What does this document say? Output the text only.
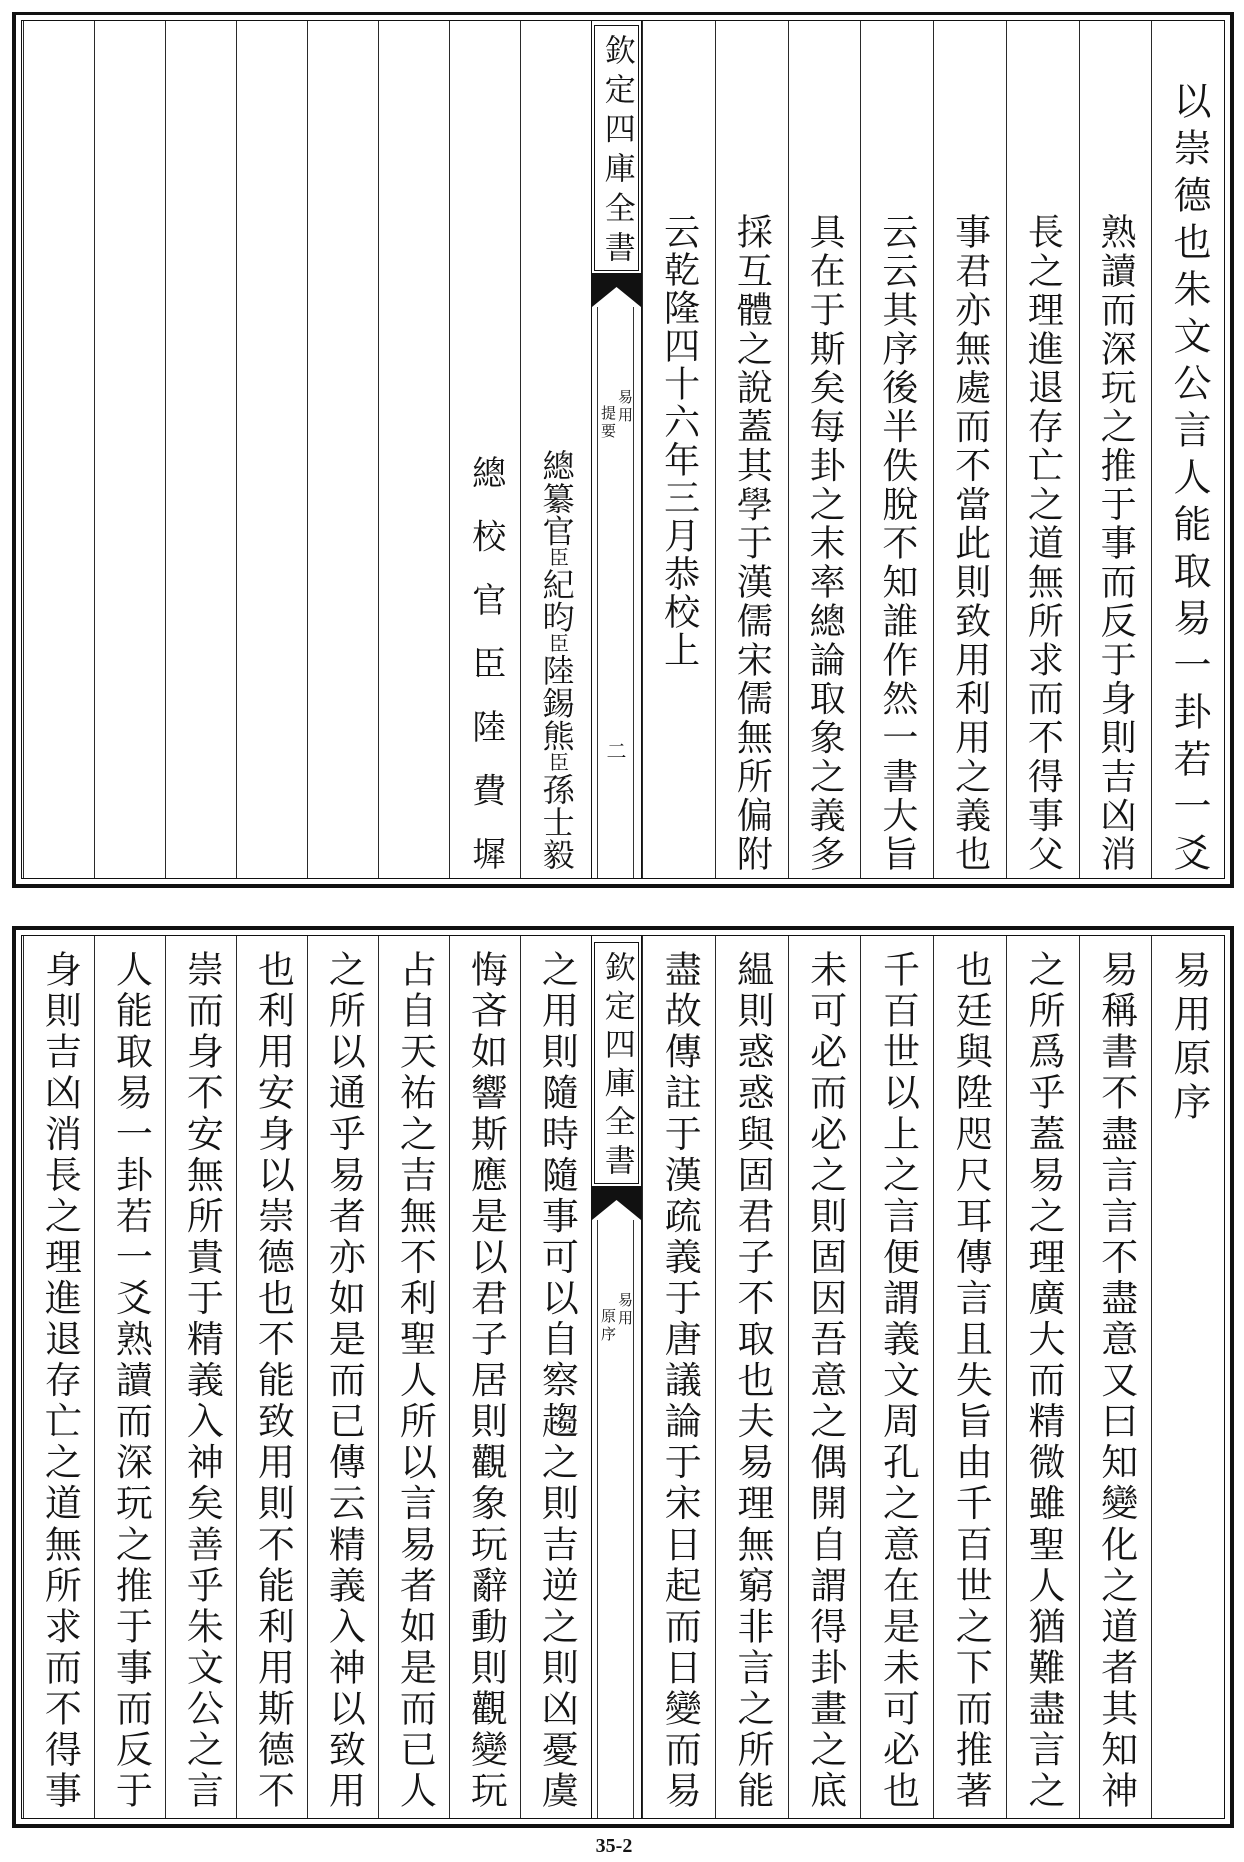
以崇德也朱文公言人能取易一卦若一爻
熟讀而深玩之推于事而反于身則吉凶消
長之理進退存亡之道無所求而不得事父
事君亦無處而不當此則致用利用之義也
云云其序後半佚脫不知誰作然一書大旨
具在于斯矣每卦之末率總論取象之義多
採互體之說蓋其學于漢儒宋儒無所偏附
云乾隆四十六年三月恭校上
欽定四庫全書
易用
提要
二
總纂官臣紀昀臣陸錫熊臣孫士毅
總校官臣陸費墀
易用原序
易稱書不盡言言不盡意又曰知變化之道者其知神
之所爲乎蓋易之理廣大而精微雖聖人猶難盡言之
也廷與陞咫尺耳傳言且失旨由千百世之下而推著
千百世以上之言便謂義文周孔之意在是未可必也
未可必而必之則固因吾意之偶開自謂得卦畫之底
緼則惑惑與固君子不取也夫易理無窮非言之所能
盡故傳註于漢疏義于唐議論于宋日起而日變而易
欽定四庫全書
易用
原序
之用則隨時隨事可以自察趨之則吉逆之則凶憂虞
悔吝如響斯應是以君子居則觀象玩辭動則觀變玩
占自天祐之吉無不利聖人所以言易者如是而已人
之所以通乎易者亦如是而已傳云精義入神以致用
也利用安身以崇德也不能致用則不能利用斯德不
崇而身不安無所貴于精義入神矣善乎朱文公之言
人能取易一卦若一爻熟讀而深玩之推于事而反于
身則吉凶消長之理進退存亡之道無所求而不得事
35-2
